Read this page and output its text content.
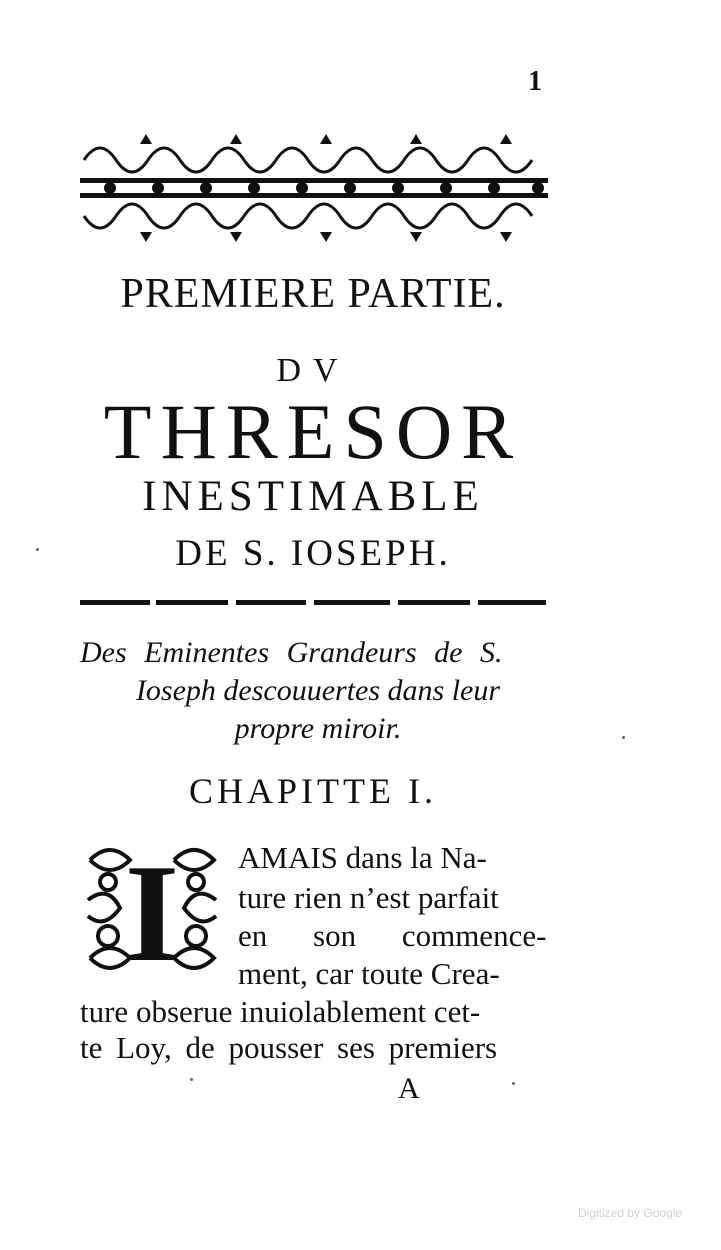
1
PREMIERE PARTIE.
DV
THRESOR
INESTIMABLE
DE S. IOSEPH.
Des Eminentes Grandeurs de S.
Ioseph descouuertes dans leur
propre miroir.
CHAPITTE I.
I AMAIS dans la Na-
ture rien n’est parfait
en son commence-
ment, car toute Crea-
ture obserue inuiolablement cet-
te Loy, de pousser ses premiers
A
Digitized by Google
